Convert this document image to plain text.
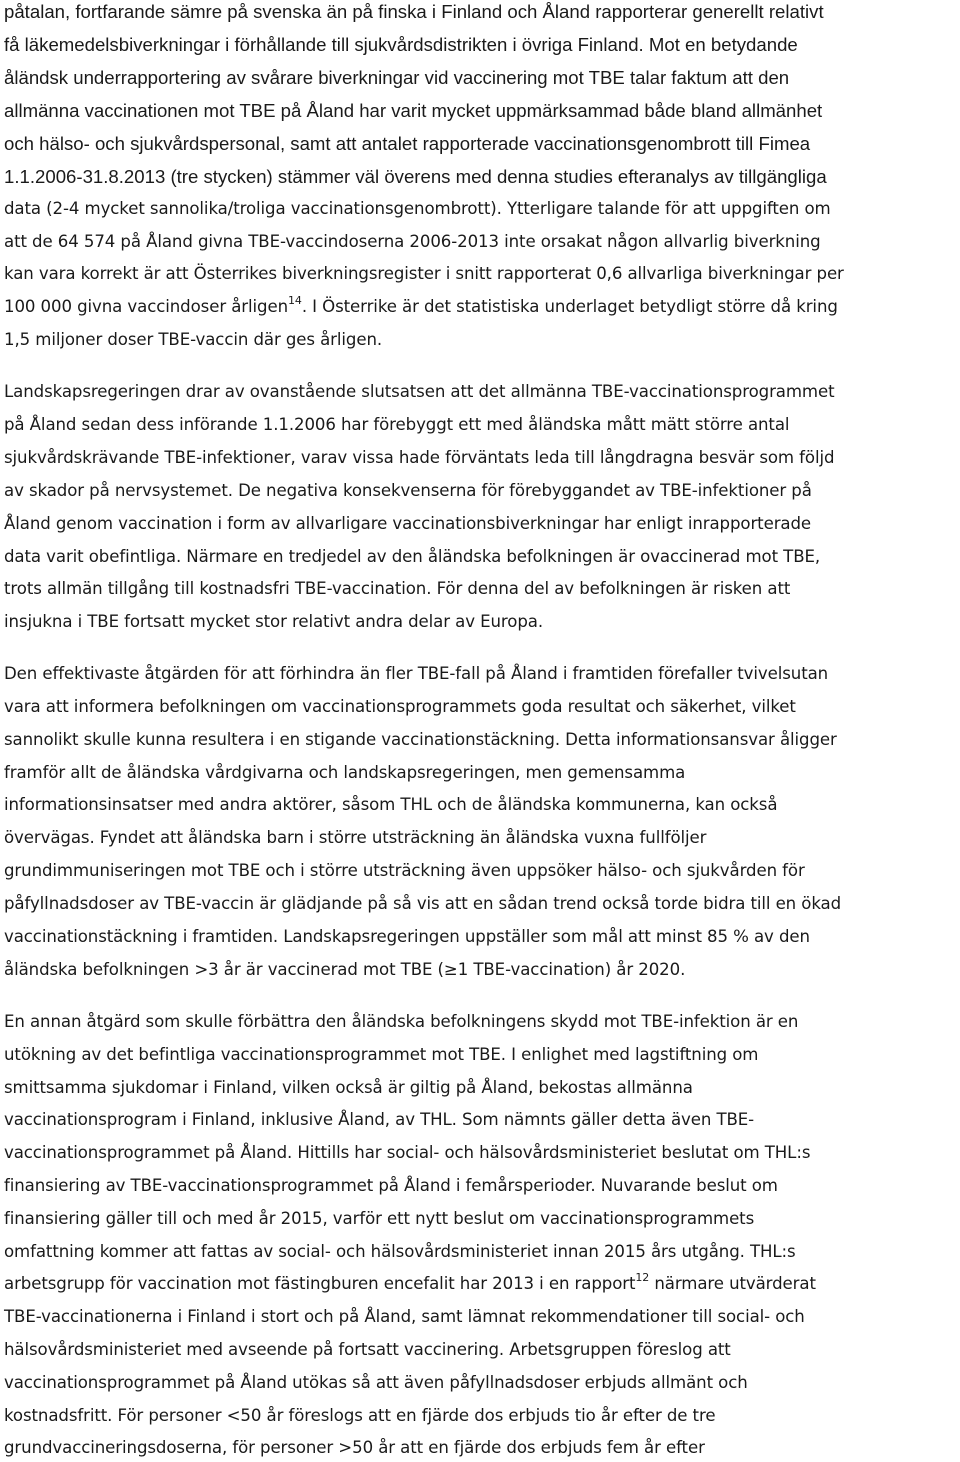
påtalan, fortfarande sämre på svenska än på finska i Finland och Åland rapporterar generellt relativt
få läkemedelsbiverkningar i förhållande till sjukvårdsdistrikten i övriga Finland. Mot en betydande
åländsk underrapportering av svårare biverkningar vid vaccinering mot TBE talar faktum att den
allmänna vaccinationen mot TBE på Åland har varit mycket uppmärksammad både bland allmänhet
och hälso- och sjukvårdspersonal, samt att antalet rapporterade vaccinationsgenombrott till Fimea
1.1.2006-31.8.2013 (tre stycken) stämmer väl överens med denna studies efteranalys av tillgängliga
data (2-4 mycket sannolika/troliga vaccinationsgenombrott). Ytterligare talande för att uppgiften om
att de 64 574 på Åland givna TBE-vaccindoserna 2006-2013 inte orsakat någon allvarlig biverkning
kan vara korrekt är att Österrikes biverkningsregister i snitt rapporterat 0,6 allvarliga biverkningar per
100 000 givna vaccindoser årligen$^{14}$. I Österrike är det statistiska underlaget betydligt större då kring
1,5 miljoner doser TBE-vaccin där ges årligen.
Landskapsregeringen drar av ovanstående slutsatsen att det allmänna TBE-vaccinationsprogrammet
på Åland sedan dess införande 1.1.2006 har förebyggt ett med åländska mått mätt större antal
sjukvårdskrävande TBE-infektioner, varav vissa hade förväntats leda till långdragna besvär som följd
av skador på nervsystemet. De negativa konsekvenserna för förebyggandet av TBE-infektioner på
Åland genom vaccination i form av allvarligare vaccinationsbiverkningar har enligt inrapporterade
data varit obefintliga. Närmare en tredjedel av den åländska befolkningen är ovaccinerad mot TBE,
trots allmän tillgång till kostnadsfri TBE-vaccination. För denna del av befolkningen är risken att
insjukna i TBE fortsatt mycket stor relativt andra delar av Europa.
Den effektivaste åtgärden för att förhindra än fler TBE-fall på Åland i framtiden förefaller tvivelsutan
vara att informera befolkningen om vaccinationsprogrammets goda resultat och säkerhet, vilket
sannolikt skulle kunna resultera i en stigande vaccinationstäckning. Detta informationsansvar åligger
framför allt de åländska vårdgivarna och landskapsregeringen, men gemensamma
informationsinsatser med andra aktörer, såsom THL och de åländska kommunerna, kan också
övervägas. Fyndet att åländska barn i större utsträckning än åländska vuxna fullföljer
grundimmuniseringen mot TBE och i större utsträckning även uppsöker hälso- och sjukvården för
påfyllnadsdoser av TBE-vaccin är glädjande på så vis att en sådan trend också torde bidra till en ökad
vaccinationstäckning i framtiden. Landskapsregeringen uppställer som mål att minst 85 % av den
åländska befolkningen >3 år är vaccinerad mot TBE (≥1 TBE-vaccination) år 2020.
En annan åtgärd som skulle förbättra den åländska befolkningens skydd mot TBE-infektion är en
utökning av det befintliga vaccinationsprogrammet mot TBE. I enlighet med lagstiftning om
smittsamma sjukdomar i Finland, vilken också är giltig på Åland, bekostas allmänna
vaccinationsprogram i Finland, inklusive Åland, av THL. Som nämnts gäller detta även TBE-
vaccinationsprogrammet på Åland. Hittills har social- och hälsovårdsministeriet beslutat om THL:s
finansiering av TBE-vaccinationsprogrammet på Åland i femårsperioder. Nuvarande beslut om
finansiering gäller till och med år 2015, varför ett nytt beslut om vaccinationsprogrammets
omfattning kommer att fattas av social- och hälsovårdsministeriet innan 2015 års utgång. THL:s
arbetsgrupp för vaccination mot fästingburen encefalit har 2013 i en rapport$^{12}$ närmare utvärderat
TBE-vaccinationerna i Finland i stort och på Åland, samt lämnat rekommendationer till social- och
hälsovårdsministeriet med avseende på fortsatt vaccinering. Arbetsgruppen föreslog att
vaccinationsprogrammet på Åland utökas så att även påfyllnadsdoser erbjuds allmänt och
kostnadsfritt. För personer <50 år föreslogs att en fjärde dos erbjuds tio år efter de tre
grundvaccineringsdoserna, för personer >50 år att en fjärde dos erbjuds fem år efter
